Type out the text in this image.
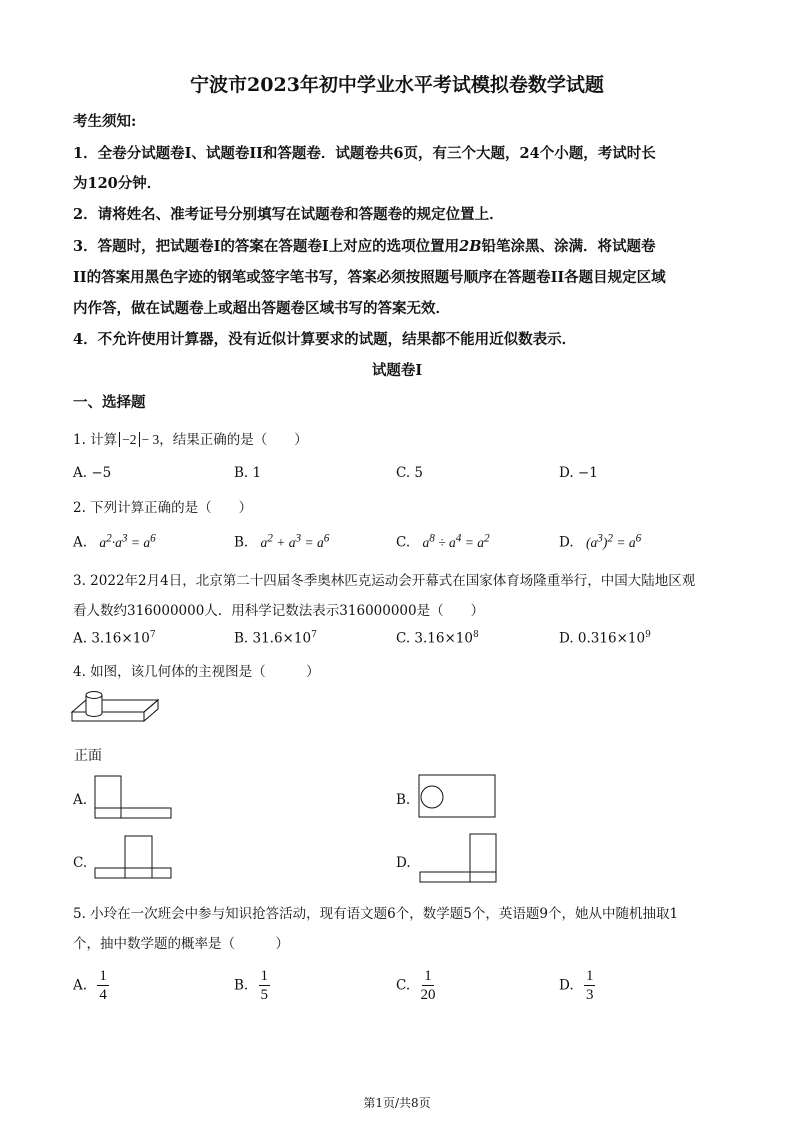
宁波市2023年初中学业水平考试模拟卷数学试题
考生须知:
1．全卷分试题卷I、试题卷II和答题卷．试题卷共6页，有三个大题，24个小题，考试时长
为120分钟．
2．请将姓名、准考证号分别填写在试题卷和答题卷的规定位置上．
3．答题时，把试题卷I的答案在答题卷I上对应的选项位置用2B铅笔涂黑、涂满．将试题卷
II的答案用黑色字迹的钢笔或签字笔书写，答案必须按照题号顺序在答题卷II各题目规定区域
内作答，做在试题卷上或超出答题卷区域书写的答案无效．
4．不允许使用计算器，没有近似计算要求的试题，结果都不能用近似数表示．
试题卷I
一、选择题
1. 计算 −2 − 3，结果正确的是（　　）
A. −5	B. 1	C. 5	D. −1
2. 下列计算正确的是（　　）
A. $a^2\cdot a^3 = a^6$	B. $a^2 + a^3 = a^6$	C. $a^8 \div a^4 = a^2$	D. $(a^3)^2 = a^6$
3. 2022年2月4日，北京第二十四届冬季奥林匹克运动会开幕式在国家体育场隆重举行，中国大陆地区观
看人数约316000000人．用科学记数法表示316000000是（　　）
A. $3.16\times 10^7$	B. $31.6\times 10^7$	C. $3.16\times 10^8$	D. $0.316\times 10^9$
4. 如图，该几何体的主视图是（　　　）
正面
A.	B.
C.	D.
5. 小玲在一次班会中参与知识抢答活动，现有语文题6个，数学题5个，英语题9个，她从中随机抽取1
个，抽中数学题的概率是（　　　）
A. $\frac{1}{4}$	B. $\frac{1}{5}$	C. $\frac{1}{20}$	D. $\frac{1}{3}$
第1页/共8页
